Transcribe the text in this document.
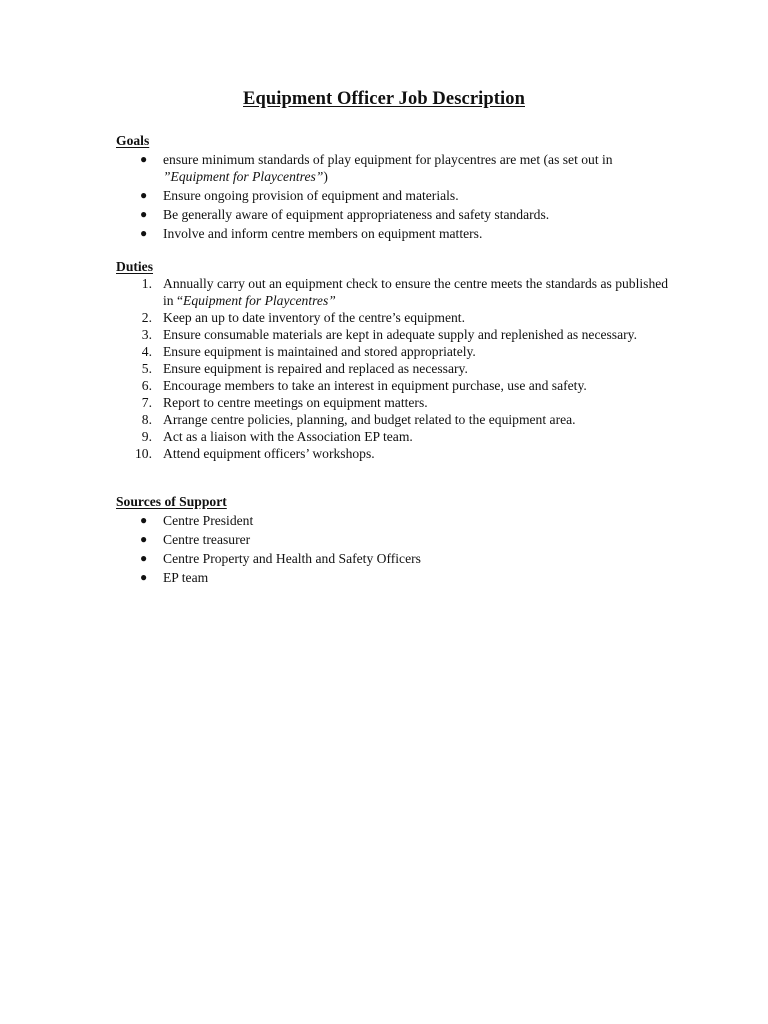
Equipment Officer Job Description
Goals
● ensure minimum standards of play equipment for playcentres are met (as set out in ”Equipment for Playcentres”)
● Ensure ongoing provision of equipment and materials.
● Be generally aware of equipment appropriateness and safety standards.
● Involve and inform centre members on equipment matters.
Duties
1. Annually carry out an equipment check to ensure the centre meets the standards as published in “Equipment for Playcentres”
2. Keep an up to date inventory of the centre’s equipment.
3. Ensure consumable materials are kept in adequate supply and replenished as necessary.
4. Ensure equipment is maintained and stored appropriately.
5. Ensure equipment is repaired and replaced as necessary.
6. Encourage members to take an interest in equipment purchase, use and safety.
7. Report to centre meetings on equipment matters.
8. Arrange centre policies, planning, and budget related to the equipment area.
9. Act as a liaison with the Association EP team.
10. Attend equipment officers’ workshops.
Sources of Support
● Centre President
● Centre treasurer
● Centre Property and Health and Safety Officers
● EP team
